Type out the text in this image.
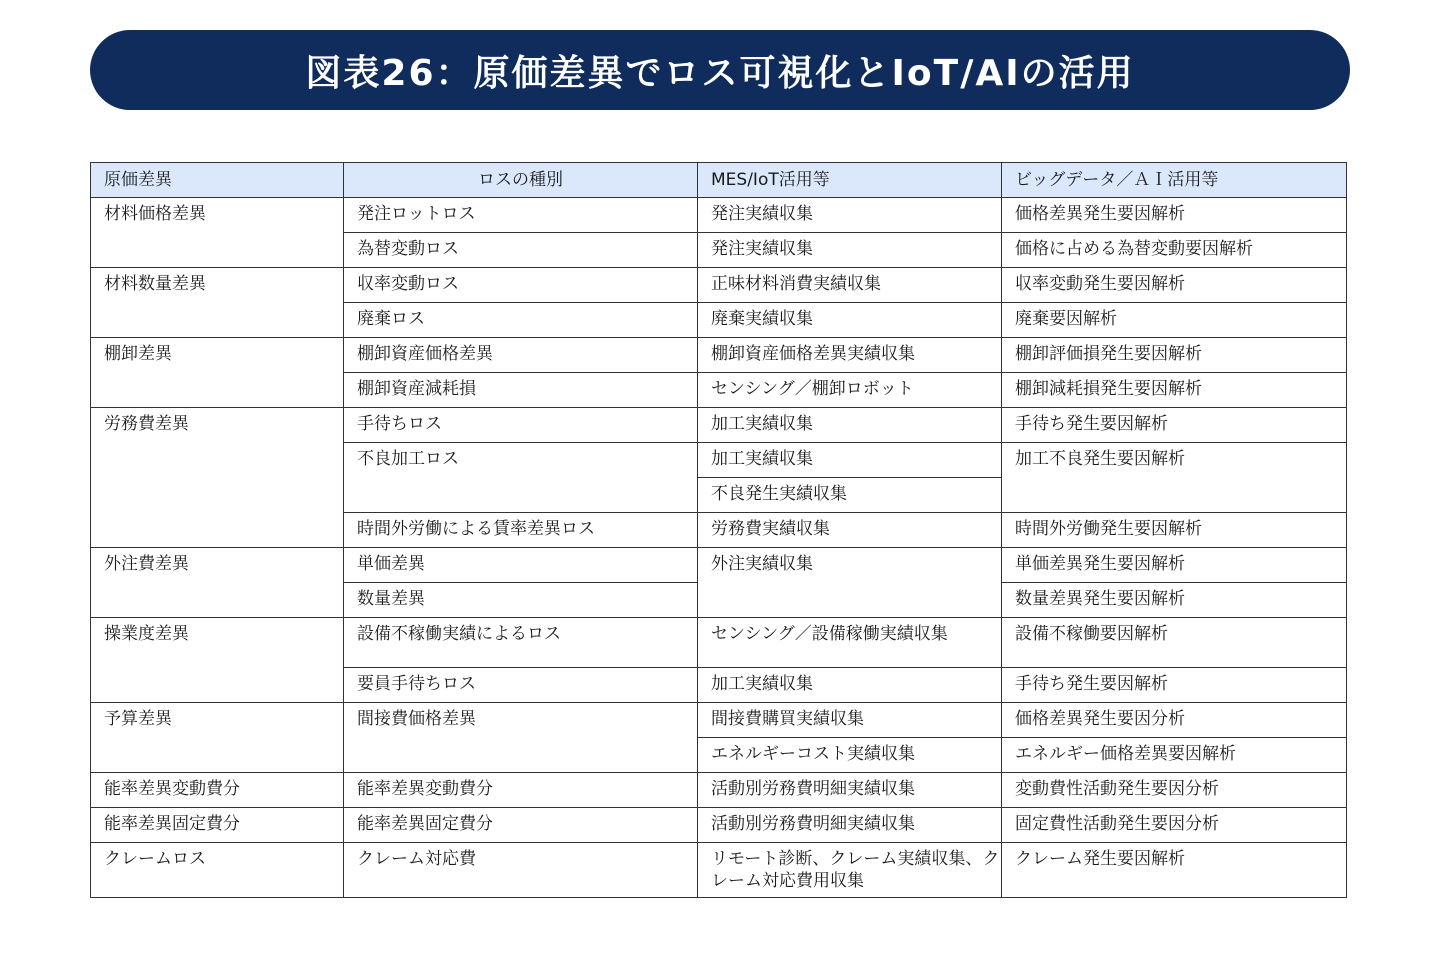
図表26：原価差異でロス可視化とIoT/AIの活用
原価差異	ロスの種別	MES/IoT活用等	ビッグデータ／ＡＩ活用等
材料価格差異	発注ロットロス	発注実績収集	価格差異発生要因解析
	為替変動ロス	発注実績収集	価格に占める為替変動要因解析
材料数量差異	収率変動ロス	正味材料消費実績収集	収率変動発生要因解析
	廃棄ロス	廃棄実績収集	廃棄要因解析
棚卸差異	棚卸資産価格差異	棚卸資産価格差異実績収集	棚卸評価損発生要因解析
	棚卸資産減耗損	センシング／棚卸ロボット	棚卸減耗損発生要因解析
労務費差異	手待ちロス	加工実績収集	手待ち発生要因解析
	不良加工ロス	加工実績収集	加工不良発生要因解析
		不良発生実績収集	
	時間外労働による賃率差異ロス	労務費実績収集	時間外労働発生要因解析
外注費差異	単価差異	外注実績収集	単価差異発生要因解析
	数量差異		数量差異発生要因解析
操業度差異	設備不稼働実績によるロス	センシング／設備稼働実績収集	設備不稼働要因解析
	要員手待ちロス	加工実績収集	手待ち発生要因解析
予算差異	間接費価格差異	間接費購買実績収集	価格差異発生要因分析
		エネルギーコスト実績収集	エネルギー価格差異要因解析
能率差異変動費分	能率差異変動費分	活動別労務費明細実績収集	変動費性活動発生要因分析
能率差異固定費分	能率差異固定費分	活動別労務費明細実績収集	固定費性活動発生要因分析
クレームロス	クレーム対応費	リモート診断、クレーム実績収集、クレーム対応費用収集	クレーム発生要因解析
